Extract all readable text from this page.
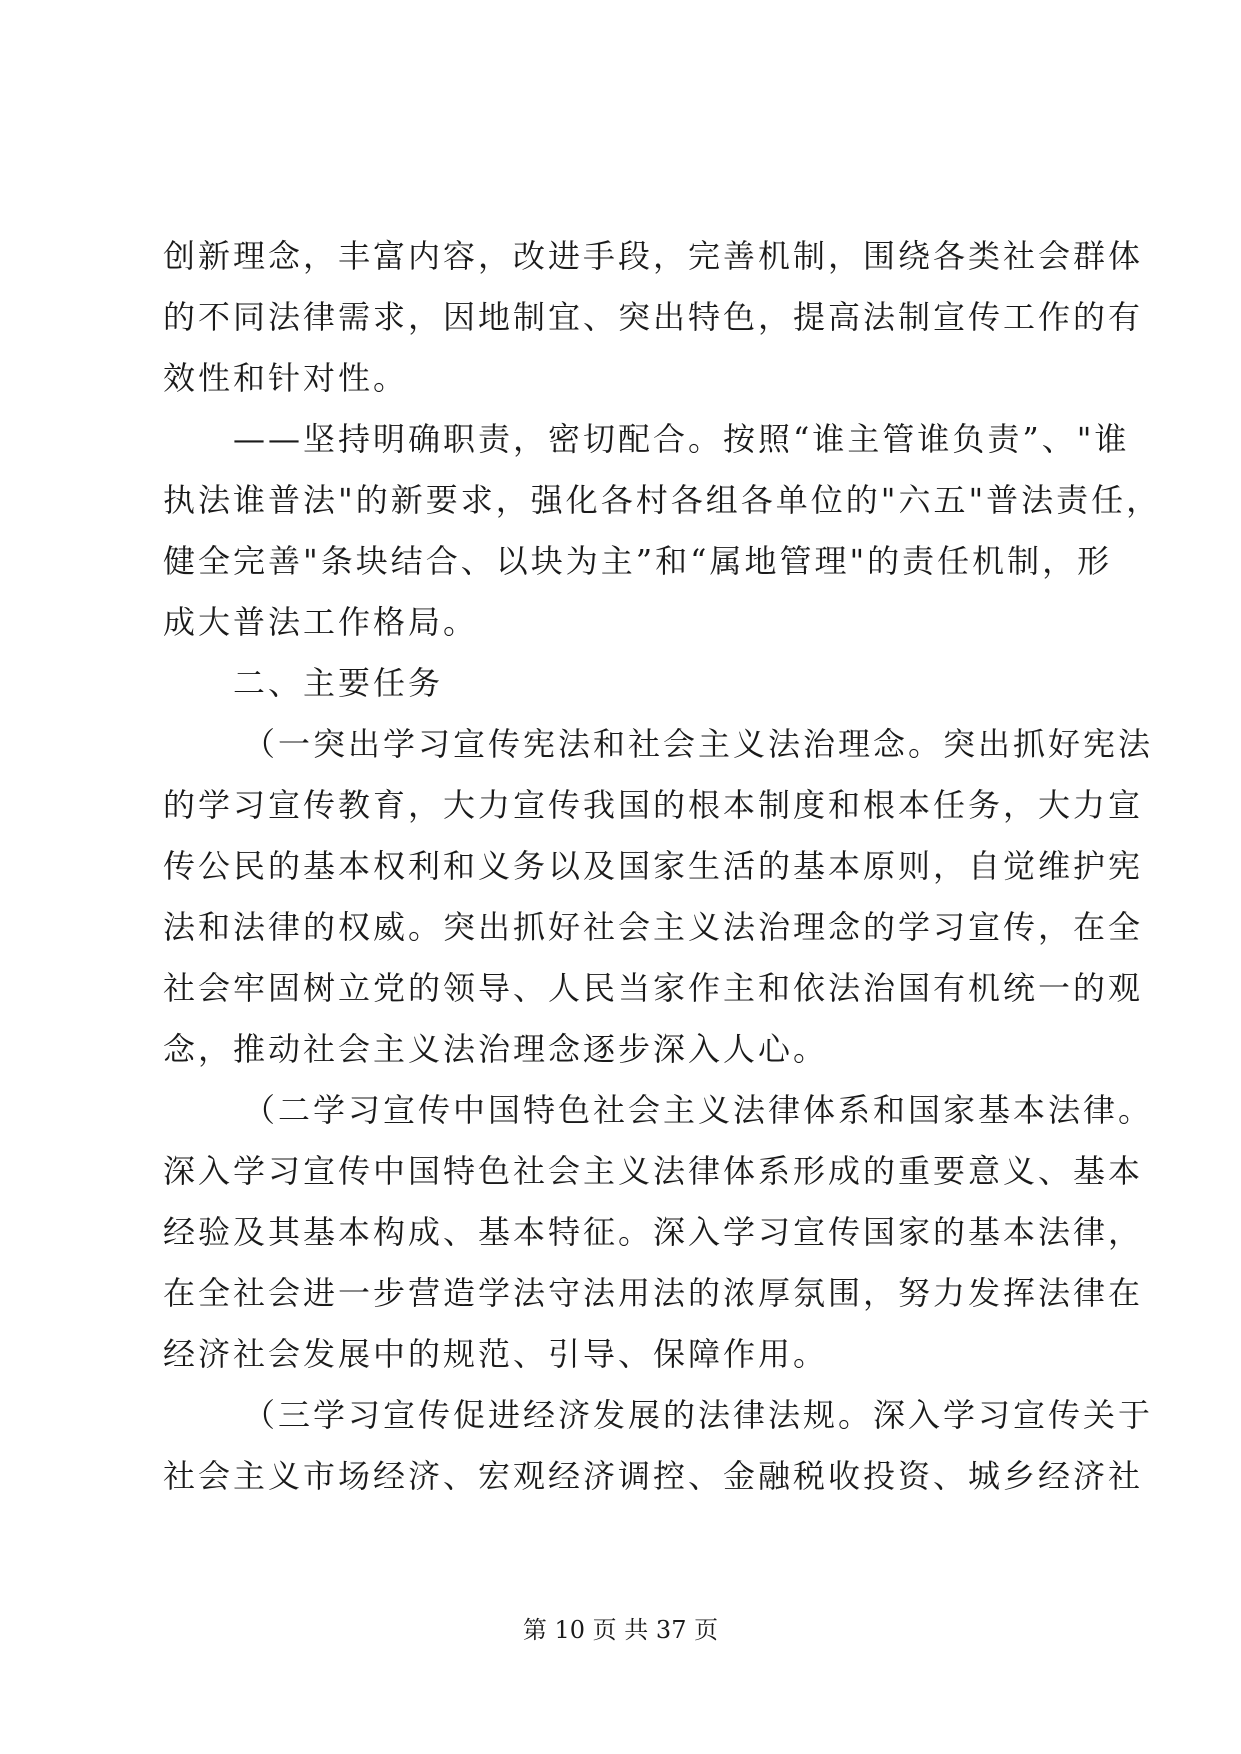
创新理念，丰富内容，改进手段，完善机制，围绕各类社会群体
的不同法律需求，因地制宜、突出特色，提高法制宣传工作的有
效性和针对性。
——坚持明确职责，密切配合。按照“谁主管谁负责”、"谁
执法谁普法"的新要求，强化各村各组各单位的"六五"普法责任，
健全完善"条块结合、以块为主”和“属地管理"的责任机制，形
成大普法工作格局。
二、主要任务
（一突出学习宣传宪法和社会主义法治理念。突出抓好宪法
的学习宣传教育，大力宣传我国的根本制度和根本任务，大力宣
传公民的基本权利和义务以及国家生活的基本原则，自觉维护宪
法和法律的权威。突出抓好社会主义法治理念的学习宣传，在全
社会牢固树立党的领导、人民当家作主和依法治国有机统一的观
念，推动社会主义法治理念逐步深入人心。
（二学习宣传中国特色社会主义法律体系和国家基本法律。
深入学习宣传中国特色社会主义法律体系形成的重要意义、基本
经验及其基本构成、基本特征。深入学习宣传国家的基本法律，
在全社会进一步营造学法守法用法的浓厚氛围，努力发挥法律在
经济社会发展中的规范、引导、保障作用。
（三学习宣传促进经济发展的法律法规。深入学习宣传关于
社会主义市场经济、宏观经济调控、金融税收投资、城乡经济社
第 10 页 共 37 页
